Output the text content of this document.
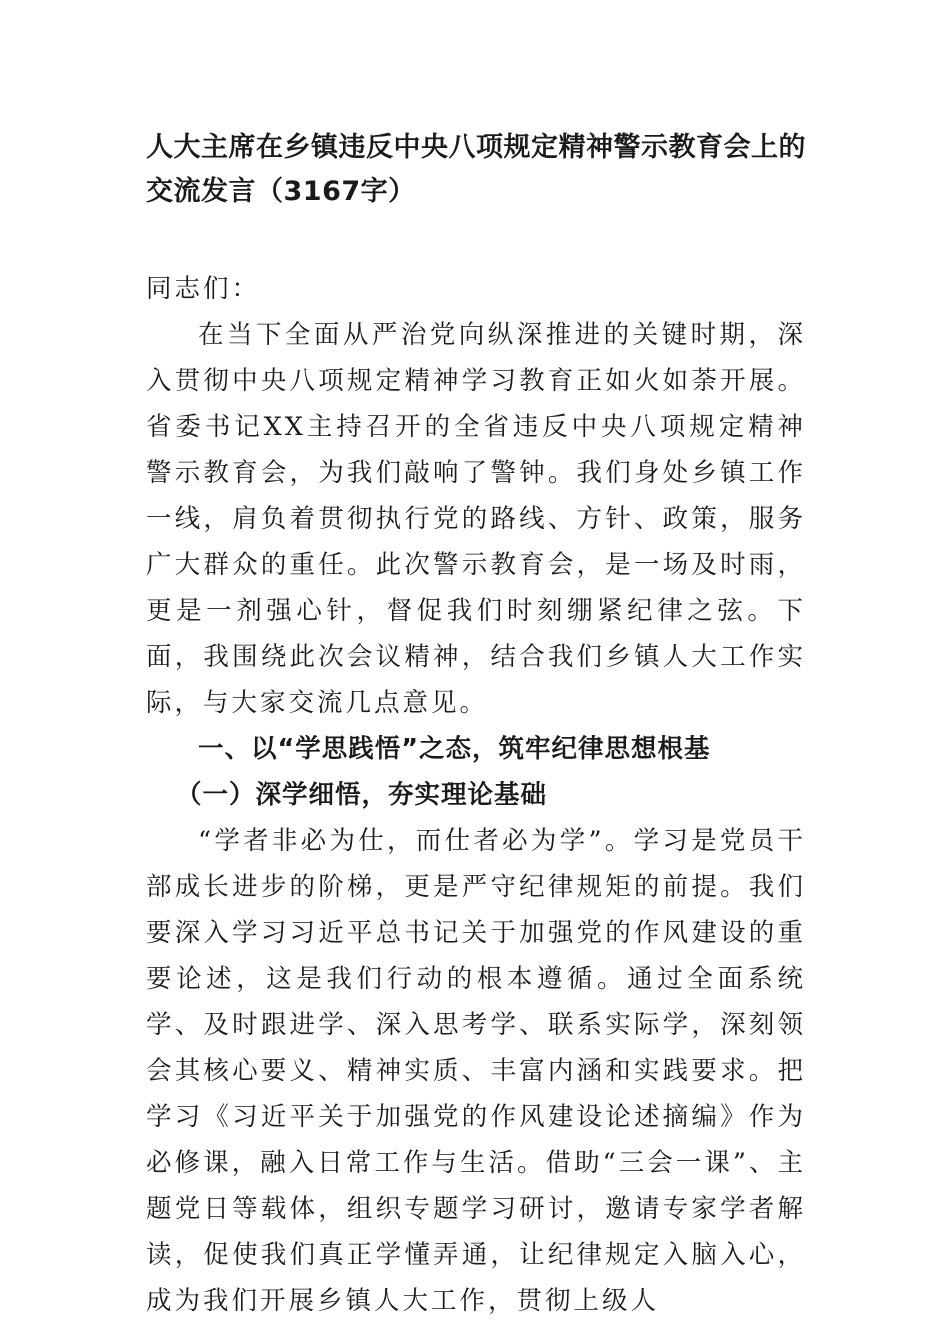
人大主席在乡镇违反中央八项规定精神警示教育会上的交流发言（3167字）

同志们：

在当下全面从严治党向纵深推进的关键时期，深入贯彻中央八项规定精神学习教育正如火如荼开展。省委书记XX主持召开的全省违反中央八项规定精神警示教育会，为我们敲响了警钟。我们身处乡镇工作一线，肩负着贯彻执行党的路线、方针、政策，服务广大群众的重任。此次警示教育会，是一场及时雨，更是一剂强心针，督促我们时刻绷紧纪律之弦。下面，我围绕此次会议精神，结合我们乡镇人大工作实际，与大家交流几点意见。

一、以“学思践悟”之态，筑牢纪律思想根基

（一）深学细悟，夯实理论基础

“学者非必为仕，而仕者必为学”。学习是党员干部成长进步的阶梯，更是严守纪律规矩的前提。我们要深入学习习近平总书记关于加强党的作风建设的重要论述，这是我们行动的根本遵循。通过全面系统学、及时跟进学、深入思考学、联系实际学，深刻领会其核心要义、精神实质、丰富内涵和实践要求。把学习《习近平关于加强党的作风建设论述摘编》作为必修课，融入日常工作与生活。借助“三会一课”、主题党日等载体，组织专题学习研讨，邀请专家学者解读，促使我们真正学懂弄通，让纪律规定入脑入心，成为我们开展乡镇人大工作，贯彻上级人
